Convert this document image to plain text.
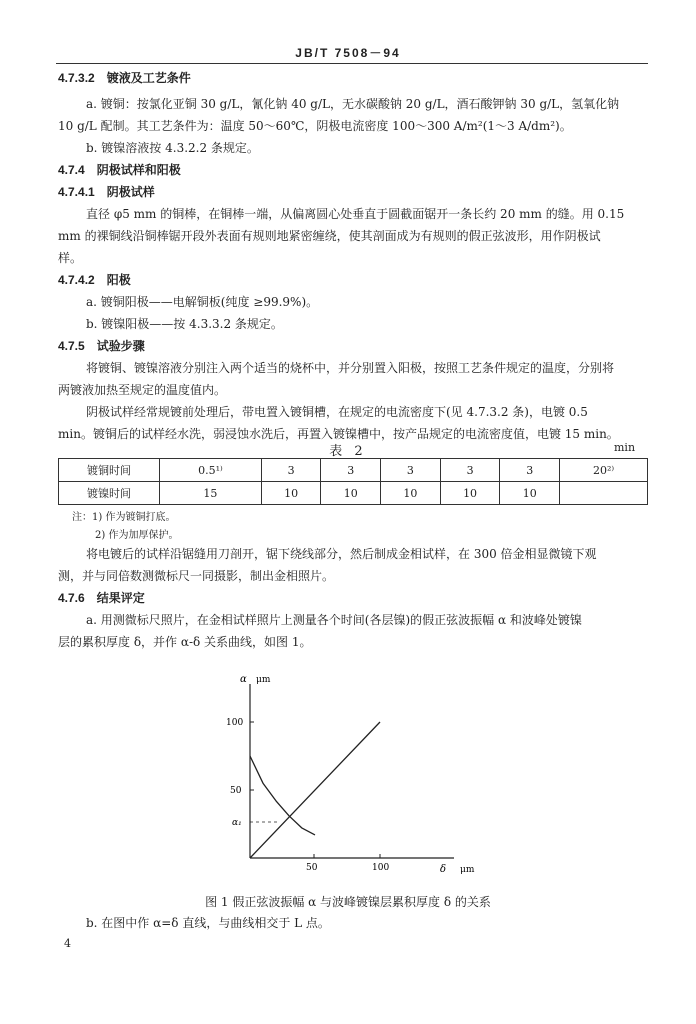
JB/T 7508－94
4.7.3.2 镀液及工艺条件
a. 镀铜：按氯化亚铜 30 g/L，氰化钠 40 g/L，无水碳酸钠 20 g/L，酒石酸钾钠 30 g/L，氢氧化钠
10 g/L 配制。其工艺条件为：温度 50～60℃，阴极电流密度 100～300 A/m²(1～3 A/dm²)。
b. 镀镍溶液按 4.3.2.2 条规定。
4.7.4 阴极试样和阳极
4.7.4.1 阴极试样
直径 φ5 mm 的铜棒，在铜棒一端，从偏离圆心处垂直于圆截面锯开一条长约 20 mm 的缝。用 0.15
mm 的裸铜线沿铜棒锯开段外表面有规则地紧密缠绕，使其剖面成为有规则的假正弦波形，用作阴极试
样。
4.7.4.2 阳极
a. 镀铜阳极——电解铜板(纯度 ≥99.9%)。
b. 镀镍阳极——按 4.3.3.2 条规定。
4.7.5 试验步骤
将镀铜、镀镍溶液分别注入两个适当的烧杯中，并分别置入阳极，按照工艺条件规定的温度，分别将
两镀液加热至规定的温度值内。
阴极试样经常规镀前处理后，带电置入镀铜槽，在规定的电流密度下(见 4.7.3.2 条)，电镀 0.5
min。镀铜后的试样经水洗，弱浸蚀水洗后，再置入镀镍槽中，按产品规定的电流密度值，电镀 15 min。
表 2	min
镀铜时间	0.5¹⁾	3	3	3	3	3	20²⁾
镀镍时间	15	10	10	10	10	10	
注：1) 作为镀铜打底。
2) 作为加厚保护。
将电镀后的试样沿锯缝用刀剖开，锯下绕线部分，然后制成金相试样，在 300 倍金相显微镜下观
测，并与同倍数测微标尺一同摄影，制出金相照片。
4.7.6 结果评定
a. 用测微标尺照片，在金相试样照片上测量各个时间(各层镍)的假正弦波振幅 α 和波峰处镀镍
层的累积厚度 δ，并作 α-δ 关系曲线，如图 1。
α μm
δ μm
100
50
α₁
50	100
图 1 假正弦波振幅 α 与波峰镀镍层累积厚度 δ 的关系
b. 在图中作 α=δ 直线，与曲线相交于 L 点。
4
